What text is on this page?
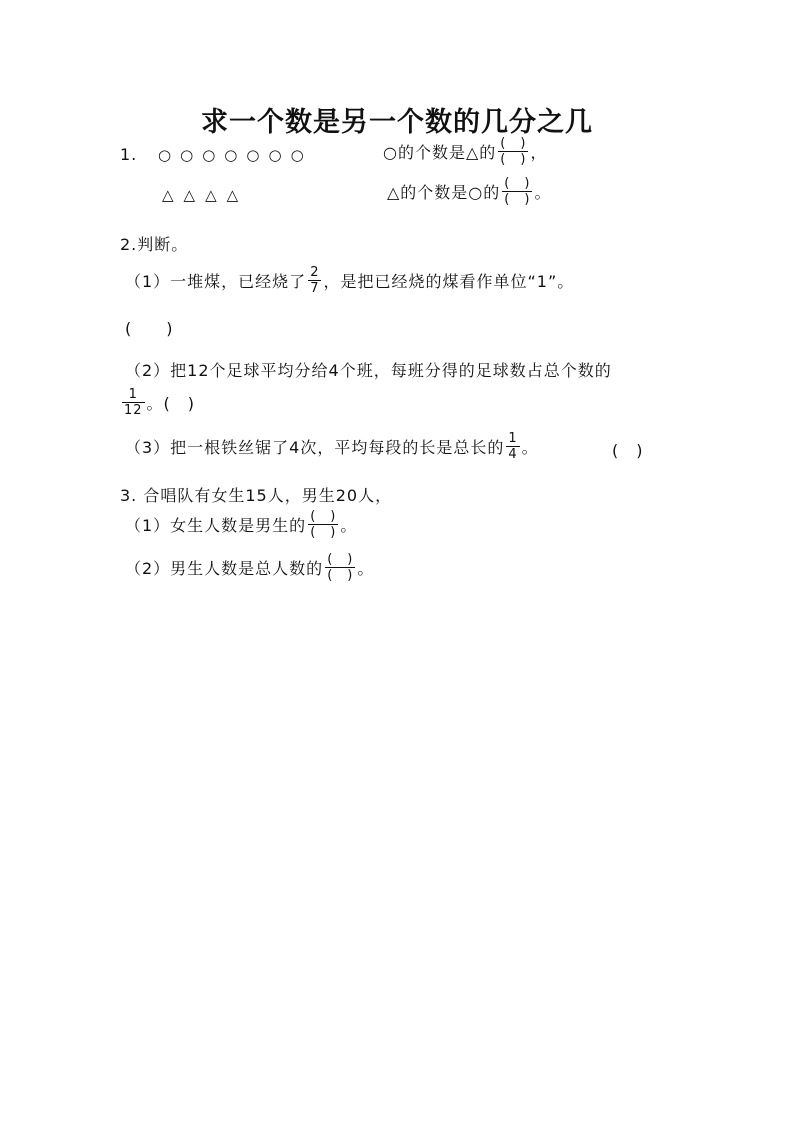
求一个数是另一个数的几分之几
1. ○ ○ ○ ○ ○ ○ ○	○的个数是△的 $\frac{( )}{( )}$ ，
△ △ △ △	△的个数是○的 $\frac{( )}{( )}$ 。
2.判断。
（1）一堆煤，已经烧了 $\frac{2}{7}$ ，是把已经烧的煤看作单位“1”。
(　　)
（2）把12个足球平均分给4个班，每班分得的足球数占总个数的
$\frac{1}{12}$ 。(　)
（3）把一根铁丝锯了4次，平均每段的长是总长的 $\frac{1}{4}$ 。	(　)
3. 合唱队有女生15人，男生20人，
（1）女生人数是男生的 $\frac{( )}{( )}$ 。
（2）男生人数是总人数的 $\frac{( )}{( )}$ 。
